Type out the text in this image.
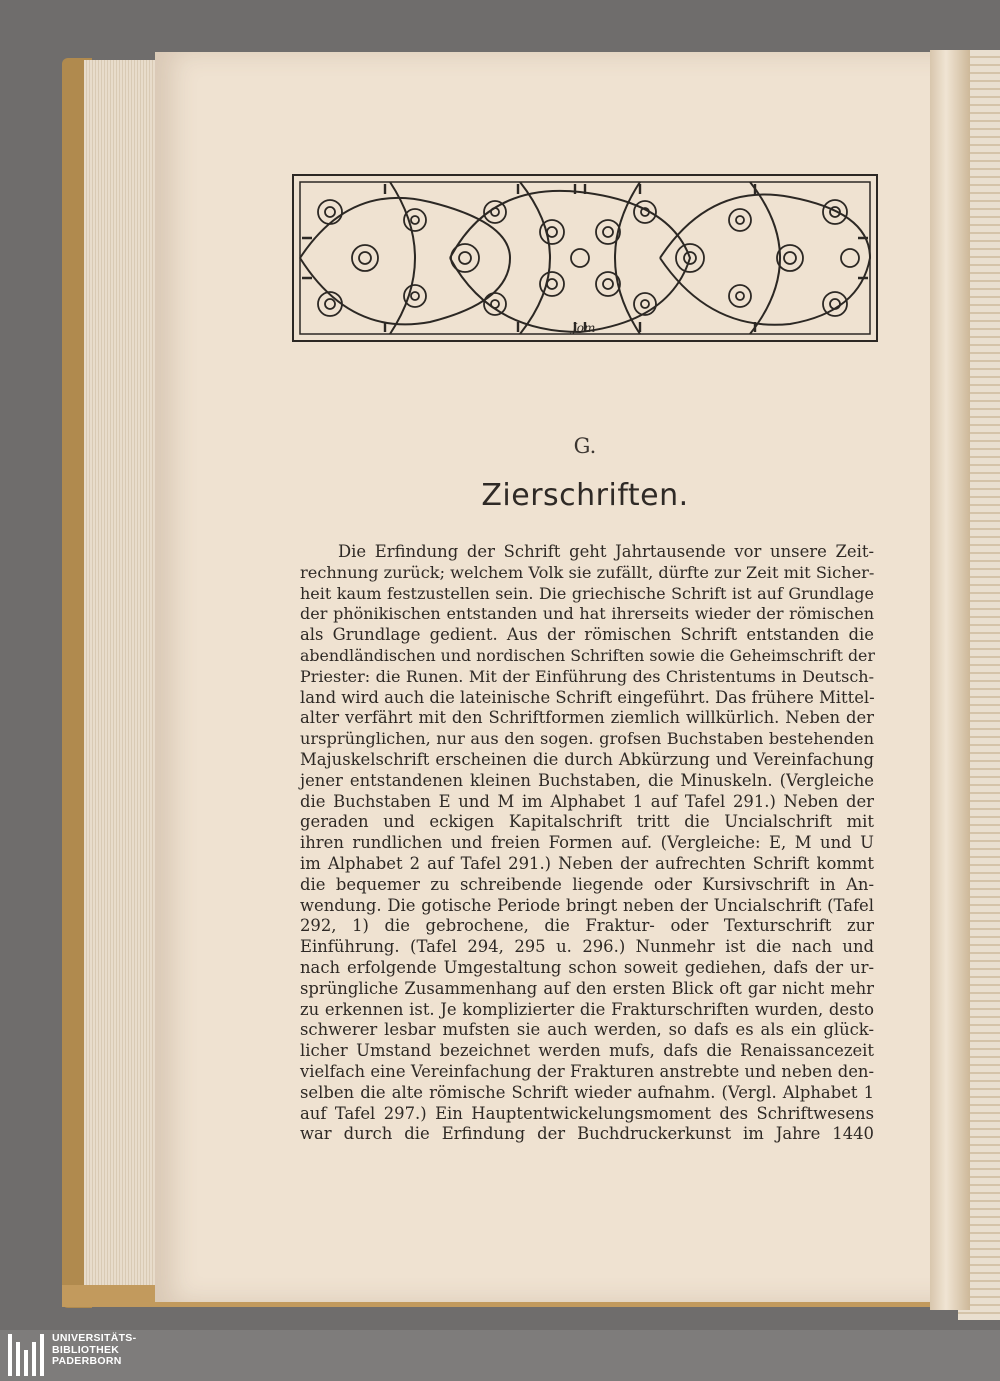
Jom
G.
Zierschriften.
Die Erfindung der Schrift geht Jahrtausende vor unsere Zeit-
rechnung zurück; welchem Volk sie zufällt, dürfte zur Zeit mit Sicher-
heit kaum festzustellen sein. Die griechische Schrift ist auf Grundlage
der phönikischen entstanden und hat ihrerseits wieder der römischen
als Grundlage gedient. Aus der römischen Schrift entstanden die
abendländischen und nordischen Schriften sowie die Geheimschrift der
Priester: die Runen. Mit der Einführung des Christentums in Deutsch-
land wird auch die lateinische Schrift eingeführt. Das frühere Mittel-
alter verfährt mit den Schriftformen ziemlich willkürlich. Neben der
ursprünglichen, nur aus den sogen. grofsen Buchstaben bestehenden
Majuskelschrift erscheinen die durch Abkürzung und Vereinfachung
jener entstandenen kleinen Buchstaben, die Minuskeln. (Vergleiche
die Buchstaben E und M im Alphabet 1 auf Tafel 291.) Neben der
geraden und eckigen Kapitalschrift tritt die Uncialschrift mit
ihren rundlichen und freien Formen auf. (Vergleiche: E, M und U
im Alphabet 2 auf Tafel 291.) Neben der aufrechten Schrift kommt
die bequemer zu schreibende liegende oder Kursivschrift in An-
wendung. Die gotische Periode bringt neben der Uncialschrift (Tafel
292, 1) die gebrochene, die Fraktur- oder Texturschrift zur
Einführung. (Tafel 294, 295 u. 296.) Nunmehr ist die nach und
nach erfolgende Umgestaltung schon soweit gediehen, dafs der ur-
sprüngliche Zusammenhang auf den ersten Blick oft gar nicht mehr
zu erkennen ist. Je komplizierter die Frakturschriften wurden, desto
schwerer lesbar mufsten sie auch werden, so dafs es als ein glück-
licher Umstand bezeichnet werden mufs, dafs die Renaissancezeit
vielfach eine Vereinfachung der Frakturen anstrebte und neben den-
selben die alte römische Schrift wieder aufnahm. (Vergl. Alphabet 1
auf Tafel 297.) Ein Hauptentwickelungsmoment des Schriftwesens
war durch die Erfindung der Buchdruckerkunst im Jahre 1440
UNIVERSITÄTS-
BIBLIOTHEK
PADERBORN
